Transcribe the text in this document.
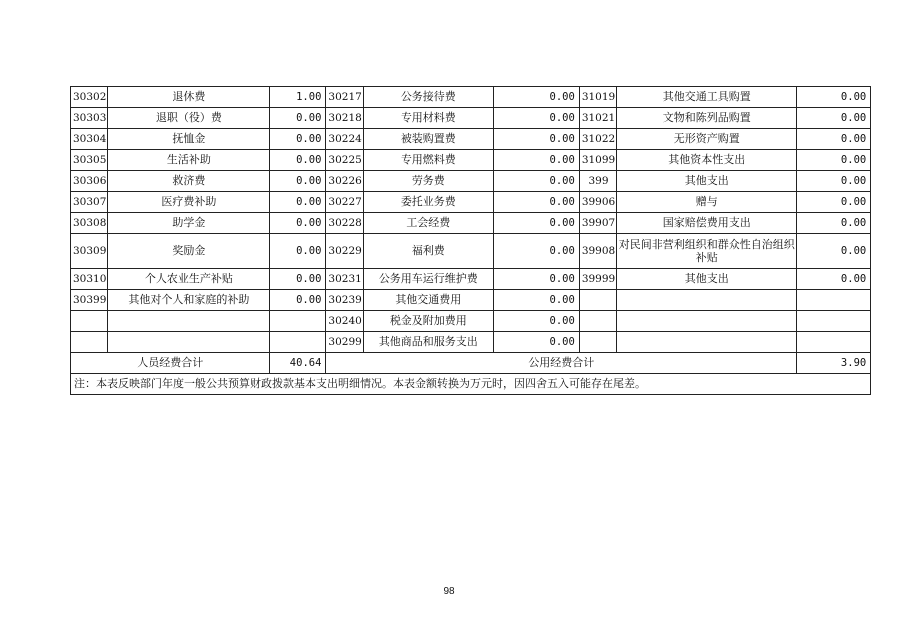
30302	退休费	1.00	30217	公务接待费	0.00	31019	其他交通工具购置	0.00
30303	退职（役）费	0.00	30218	专用材料费	0.00	31021	文物和陈列品购置	0.00
30304	抚恤金	0.00	30224	被装购置费	0.00	31022	无形资产购置	0.00
30305	生活补助	0.00	30225	专用燃料费	0.00	31099	其他资本性支出	0.00
30306	救济费	0.00	30226	劳务费	0.00	399	其他支出	0.00
30307	医疗费补助	0.00	30227	委托业务费	0.00	39906	赠与	0.00
30308	助学金	0.00	30228	工会经费	0.00	39907	国家赔偿费用支出	0.00
30309	奖励金	0.00	30229	福利费	0.00	39908	对民间非营利组织和群众性自治组织补贴	0.00
30310	个人农业生产补贴	0.00	30231	公务用车运行维护费	0.00	39999	其他支出	0.00
30399	其他对个人和家庭的补助	0.00	30239	其他交通费用	0.00			
			30240	税金及附加费用	0.00			
			30299	其他商品和服务支出	0.00			
人员经费合计		40.64	公用经费合计					3.90
注：本表反映部门年度一般公共预算财政拨款基本支出明细情况。本表金额转换为万元时，因四舍五入可能存在尾差。								
98
